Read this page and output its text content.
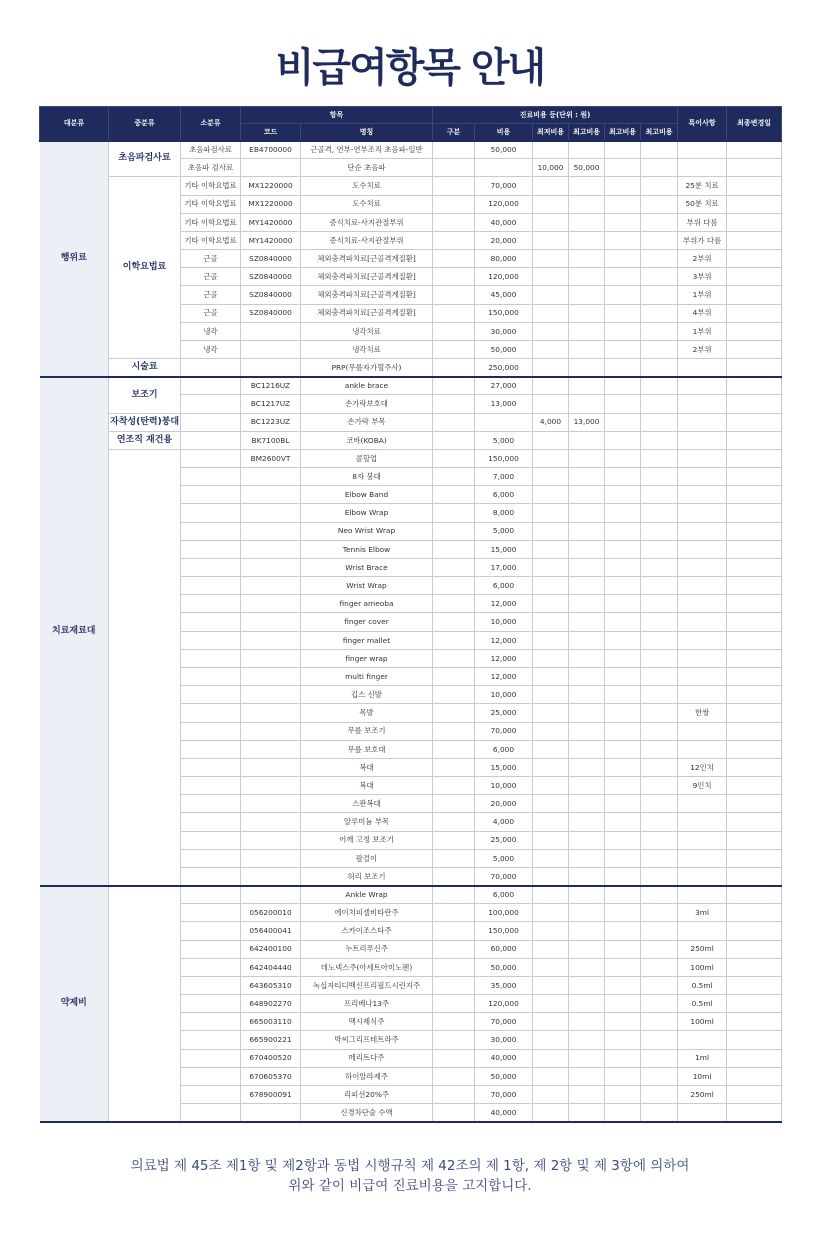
비급여항목 안내
대분류	중분류	소분류	항목		진료비용 등(단위 : 원)						특이사항	최종변경일
			코드	명칭	구분	비용	최저비용	최고비용	최고비용	최고비용		
행위료	초음파검사료	초음파검사료	EB4700000	근골격, 연부-연부조직 초음파-일반		50,000						
		초음파 검사료		단순 초음파			10,000	50,000				
	이학요법료	기타 이학요법료	MX1220000	도수치료		70,000					25분 치료	
		기타 이학요법료	MX1220000	도수치료		120,000					50분 치료	
		기타 이학요법료	MY1420000	증식치료-사지관절부위		40,000					부위 다름	
		기타 이학요법료	MY1420000	증식치료-사지관절부위		20,000					부위가 다름	
		근골	SZ0840000	체외충격파치료[근골격계질환]		80,000					2부위	
		근골	SZ0840000	체외충격파치료[근골격계질환]		120,000					3부위	
		근골	SZ0840000	체외충격파치료[근골격계질환]		45,000					1부위	
		근골	SZ0840000	체외충격파치료[근골격계질환]		150,000					4부위	
		냉각		냉각치료		30,000					1부위	
		냉각		냉각치료		50,000					2부위	
	시술료			PRP(무릎자가혈주사)		250,000						
치료재료대	보조기		BC1216UZ	ankle brace		27,000						
			BC1217UZ	손가락보호대		13,000						
	자착성(탄력)붕대		BC1223UZ	손가락 부목			4,000	13,000				
	연조직 재건용		BK7100BL	코바(KOBA)		5,000						
			BM2600VT	콜할업		150,000						
				8자 붕대		7,000						
				Elbow Band		6,000						
				Elbow Wrap		8,000						
				Neo Wrist Wrap		5,000						
				Tennis Elbow		15,000						
				Wrist Brace		17,000						
				Wrist Wrap		6,000						
				finger ameoba		12,000						
				finger cover		10,000						
				finger mallet		12,000						
				finger wrap		12,000						
				multi finger		12,000						
				깁스 신발		10,000						
				목발		25,000					한쌍	
				무릎 보조기		70,000						
				무릎 보호대		6,000						
				복대		15,000					12인치	
				복대		10,000					9인치	
				스판복대		20,000						
				알루미늄 부목		4,000						
				어깨 고정 보조기		25,000						
				팔걸이		5,000						
				허리 보조기		70,000						
약제비				Ankle Wrap		6,000						
			056200010	에이치피셀비타란주		100,000					3ml	
			056400041	스카이조스타주		150,000						
			642400100	누트리푸신주		60,000					250ml	
			642404440	데노넥스주(아세트아미노펜)		50,000					100ml	
			643605310	녹십자티디백신프리필드시린지주		35,000					0.5ml	
			648902270	프리베나13주		120,000					0.5ml	
			665003110	맥시제식주		70,000					100ml	
			665900221	박씨그리프테트라주		30,000						
			670400520	메리트다주		40,000					1ml	
			670605370	하이알라제주		50,000					10ml	
			678900091	리피선20%주		70,000					250ml	
				신경차단술 수액		40,000						
의료법 제 45조 제1항 및 제2항과 동법 시행규칙 제 42조의 제 1항, 제 2항 및 제 3항에 의하여
위와 같이 비급여 진료비용을 고지합니다.
